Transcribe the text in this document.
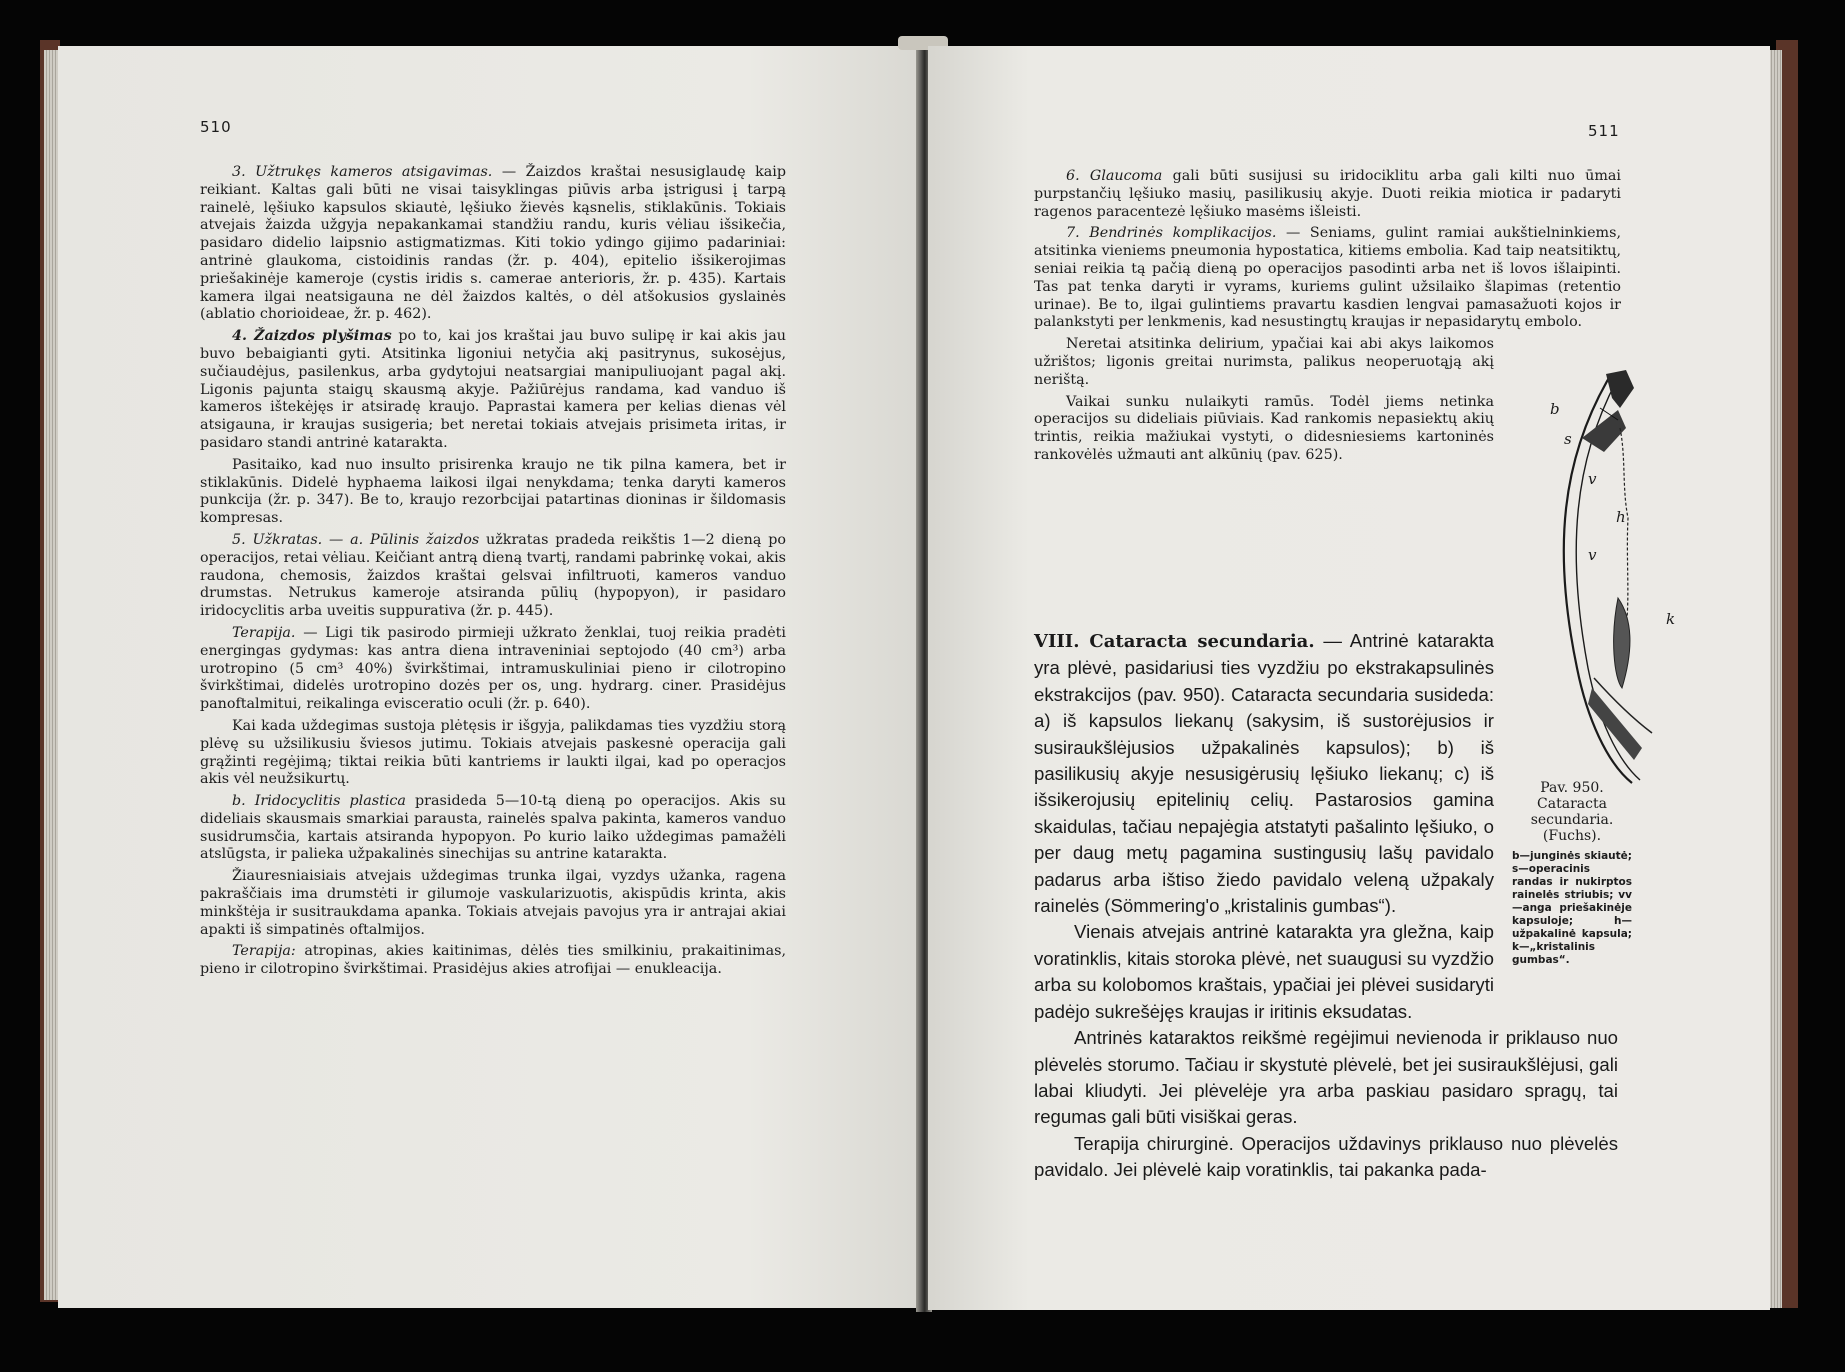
510

3. Užtrukęs kameros atsigavimas. — Žaizdos kraštai nesusiglaudę kaip reikiant. Kaltas gali būti ne visai taisyklingas piūvis arba įstrigusi į tarpą rainelė, lęšiuko kapsulos skiautė, lęšiuko žievės kąsnelis, stiklakūnis. Tokiais atvejais žaizda užgyja nepakankamai standžiu randu, kuris vėliau išsikečia, pasidaro didelio laipsnio astigmatizmas. Kiti tokio ydingo gijimo padariniai: antrinė glaukoma, cistoidinis randas (žr. p. 404), epitelio išsikerojimas priešakinėje kameroje (cystis iridis s. camerae anterioris, žr. p. 435). Kartais kamera ilgai neatsigauna ne dėl žaizdos kaltės, o dėl atšokusios gyslainės (ablatio chorioideae, žr. p. 462).

4. Žaizdos plyšimas po to, kai jos kraštai jau buvo sulipę ir kai akis jau buvo bebaigianti gyti. Atsitinka ligoniui netyčia akį pasitrynus, sukosėjus, sučiaudėjus, pasilenkus, arba gydytojui neatsargiai manipuliuojant pagal akį. Ligonis pajunta staigų skausmą akyje. Pažiūrėjus randama, kad vanduo iš kameros ištekėjęs ir atsiradę kraujo. Paprastai kamera per kelias dienas vėl atsigauna, ir kraujas susigeria; bet neretai tokiais atvejais prisimeta iritas, ir pasidaro standi antrinė katarakta.

Pasitaiko, kad nuo insulto prisirenka kraujo ne tik pilna kamera, bet ir stiklakūnis. Didelė hyphaema laikosi ilgai nenykdama; tenka daryti kameros punkcija (žr. p. 347). Be to, kraujo rezorbcijai patartinas dioninas ir šildomasis kompresas.

5. Užkratas. — a. Pūlinis žaizdos užkratas pradeda reikštis 1—2 dieną po operacijos, retai vėliau. Keičiant antrą dieną tvartį, randami pabrinkę vokai, akis raudona, chemosis, žaizdos kraštai gelsvai infiltruoti, kameros vanduo drumstas. Netrukus kameroje atsiranda pūlių (hypopyon), ir pasidaro iridocyclitis arba uveitis suppurativa (žr. p. 445).

Terapija. — Ligi tik pasirodo pirmieji užkrato ženklai, tuoj reikia pradėti energingas gydymas: kas antra diena intraveniniai septojodo (40 cm³) arba urotropino (5 cm³ 40%) švirkštimai, intramuskuliniai pieno ir cilotropino švirkštimai, didelės urotropino dozės per os, ung. hydrarg. ciner. Prasidėjus panoftalmitui, reikalinga evisceratio oculi (žr. p. 640).

Kai kada uždegimas sustoja plėtęsis ir išgyja, palikdamas ties vyzdžiu storą plėvę su užsilikusiu šviesos jutimu. Tokiais atvejais paskesnė operacija gali grąžinti regėjimą; tiktai reikia būti kantriems ir laukti ilgai, kad po operacjos akis vėl neužsikurtų.

b. Iridocyclitis plastica prasideda 5—10-tą dieną po operacijos. Akis su dideliais skausmais smarkiai parausta, rainelės spalva pakinta, kameros vanduo susidrumsčia, kartais atsiranda hypopyon. Po kurio laiko uždegimas pamažėli atslūgsta, ir palieka užpakalinės sinechijas su antrine katarakta.

Žiauresniaisiais atvejais uždegimas trunka ilgai, vyzdys užanka, ragena pakraščiais ima drumstėti ir gilumoje vaskularizuotis, akispūdis krinta, akis minkštėja ir susitraukdama apanka. Tokiais atvejais pavojus yra ir antrajai akiai apakti iš simpatinės oftalmijos.

Terapija: atropinas, akies kaitinimas, dėlės ties smilkiniu, prakaitinimas, pieno ir cilotropino švirkštimai. Prasidėjus akies atrofijai — enukleacija.

511

6. Glaucoma gali būti susijusi su iridociklitu arba gali kilti nuo ūmai purpstančių lęšiuko masių, pasilikusių akyje. Duoti reikia miotica ir padaryti ragenos paracentezė lęšiuko masėms išleisti.

7. Bendrinės komplikacijos. — Seniams, gulint ramiai aukštielninkiems, atsitinka vieniems pneumonia hypostatica, kitiems embolia. Kad taip neatsitiktų, seniai reikia tą pačią dieną po operacijos pasodinti arba net iš lovos išlaipinti. Tas pat tenka daryti ir vyrams, kuriems gulint užsilaiko šlapimas (retentio urinae). Be to, ilgai gulintiems pravartu kasdien lengvai pamasažuoti kojos ir palankstyti per lenkmenis, kad nesustingtų kraujas ir nepasidarytų embolo.

Neretai atsitinka delirium, ypačiai kai abi akys laikomos užrištos; ligonis greitai nurimsta, palikus neoperuotąją akį nerištą.

Vaikai sunku nulaikyti ramūs. Todėl jiems netinka operacijos su dideliais piūviais. Kad rankomis nepasiektų akių trintis, reikia mažiukai vystyti, o didesniesiems kartoninės rankovėlės užmauti ant alkūnių (pav. 625).

b
s
v
h
v
k
Pav. 950.
Cataracta secundaria. (Fuchs).
b—junginės skiautė; s—operacinis randas ir nukirptos rainelės striubis; vv—anga priešakinėje kapsuloje; h—užpakalinė kapsula; k—„kristalinis gumbas“.

VIII. Cataracta secundaria. — Antrinė katarakta yra plėvė, pasidariusi ties vyzdžiu po ekstrakapsulinės ekstrakcijos (pav. 950). Cataracta secundaria susideda: a) iš kapsulos liekanų (sakysim, iš sustorėjusios ir susiraukšlėjusios užpakalinės kapsulos); b) iš pasilikusių akyje nesusigėrusių lęšiuko liekanų; c) iš išsikerojusių epitelinių celių. Pastarosios gamina skaidulas, tačiau nepajėgia atstatyti pašalinto lęšiuko, o per daug metų pagamina sustingusių lašų pavidalo padarus arba ištiso žiedo pavidalo veleną užpakaly rainelės (Sömmering'o „kristalinis gumbas“).

Vienais atvejais antrinė katarakta yra gležna, kaip voratinklis, kitais storoka plėvė, net suaugusi su vyzdžio arba su kolobomos kraštais, ypačiai jei plėvei susidaryti padėjo sukrešėjęs kraujas ir iritinis eksudatas.

Antrinės kataraktos reikšmė regėjimui nevienoda ir priklauso nuo plėvelės storumo. Tačiau ir skystutė plėvelė, bet jei susiraukšlėjusi, gali labai kliudyti. Jei plėvelėje yra arba paskiau pasidaro spragų, tai regumas gali būti visiškai geras.

Terapija chirurginė. Operacijos uždavinys priklauso nuo plėvelės pavidalo. Jei plėvelė kaip voratinklis, tai pakanka pada-
